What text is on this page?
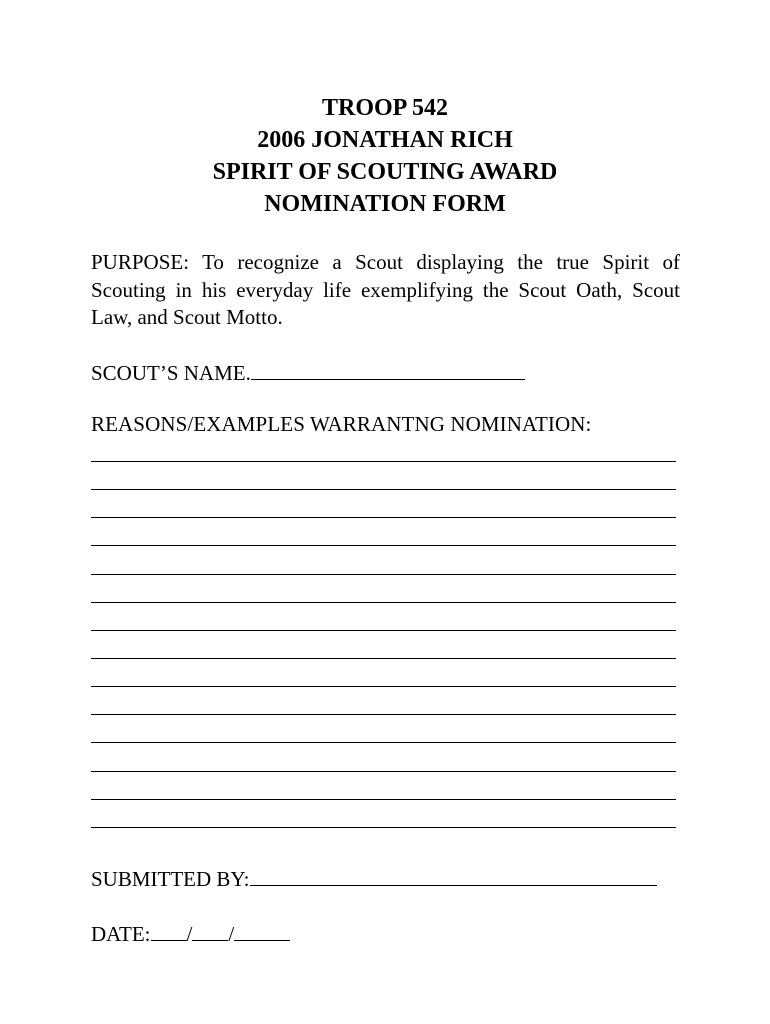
TROOP 542
2006 JONATHAN RICH
SPIRIT OF SCOUTING AWARD
NOMINATION FORM

PURPOSE: To recognize a Scout displaying the true Spirit of Scouting in his everyday life exemplifying the Scout Oath, Scout Law, and Scout Motto.

SCOUT’S NAME.
REASONS/EXAMPLES WARRANTNG NOMINATION:
SUBMITTED BY:
DATE: / /
